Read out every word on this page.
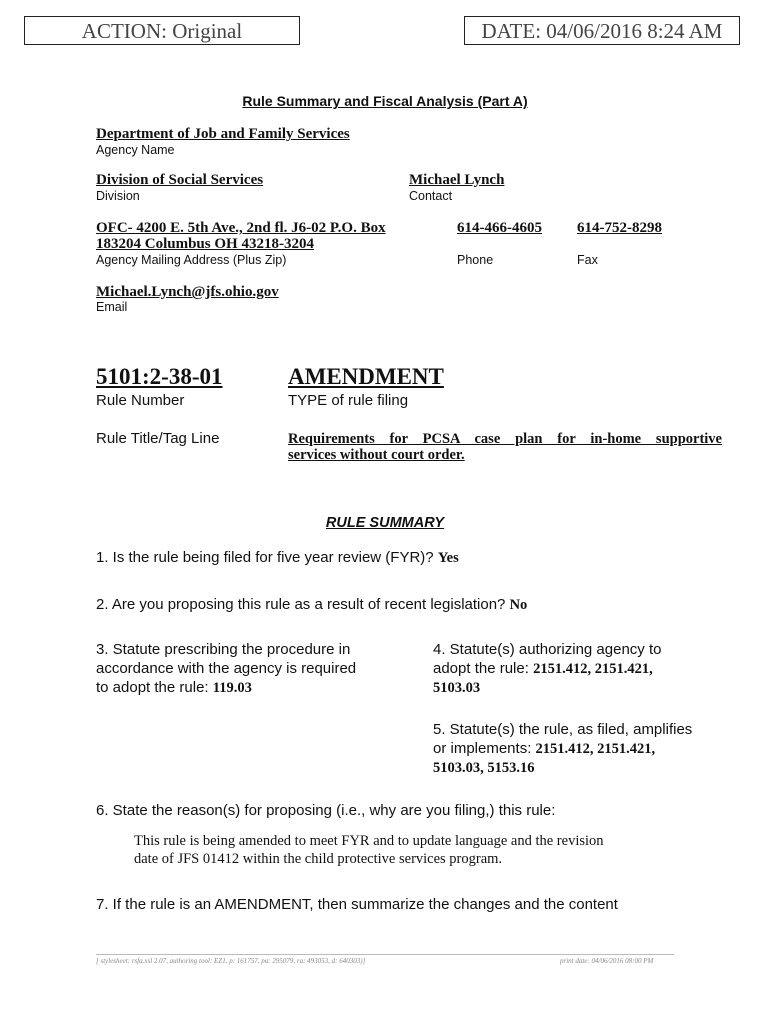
ACTION: Original	DATE: 04/06/2016 8:24 AM
Rule Summary and Fiscal Analysis (Part A)
Department of Job and Family Services
Agency Name
Division of Social Services
Division
Michael Lynch
Contact
OFC- 4200 E. 5th Ave., 2nd fl. J6-02 P.O. Box
183204 Columbus OH 43218-3204
Agency Mailing Address (Plus Zip)
614-466-4605
Phone
614-752-8298
Fax
Michael.Lynch@jfs.ohio.gov
Email
5101:2-38-01
Rule Number
AMENDMENT
TYPE of rule filing
Rule Title/Tag Line	Requirements for PCSA case plan for in-home supportive
services without court order.
RULE SUMMARY
1. Is the rule being filed for five year review (FYR)? Yes
2. Are you proposing this rule as a result of recent legislation? No
3. Statute prescribing the procedure in
accordance with the agency is required
to adopt the rule: 119.03
4. Statute(s) authorizing agency to
adopt the rule: 2151.412, 2151.421,
5103.03
5. Statute(s) the rule, as filed, amplifies
or implements: 2151.412, 2151.421,
5103.03, 5153.16
6. State the reason(s) for proposing (i.e., why are you filing,) this rule:
This rule is being amended to meet FYR and to update language and the revision
date of JFS 01412 within the child protective services program.
7. If the rule is an AMENDMENT, then summarize the changes and the content
[ stylesheet: rsfa.xsl 2.07, authoring tool: EZ1, p: 161757, pa: 295079, ra: 493053, d: 640303)]	print date: 04/06/2016 08:00 PM
